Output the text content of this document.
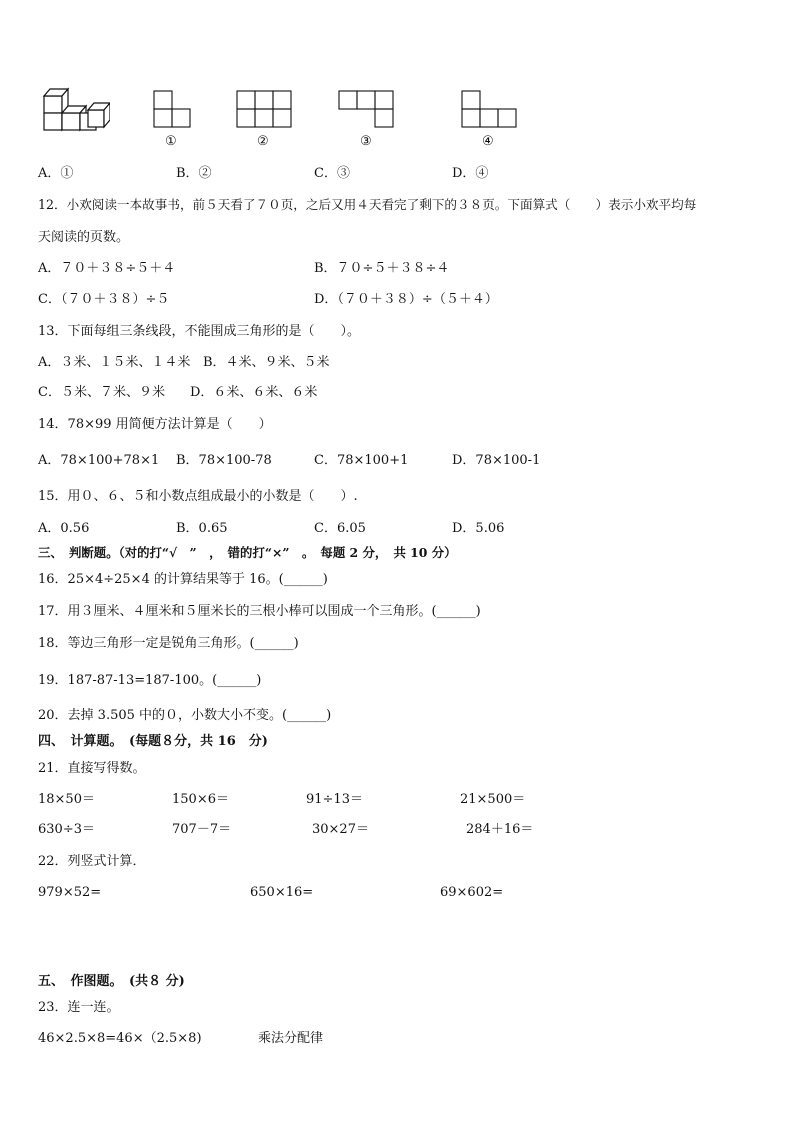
①	②	③	④
A．①	B．②	C．③	D．④
12．小欢阅读一本故事书，前５天看了７０页，之后又用４天看完了剩下的３８页。下面算式（　　）表示小欢平均每
天阅读的页数。
A．７０＋３８÷５＋４	B．７０÷５＋３８÷４
C．（７０＋３８）÷５	D．（７０＋３８）÷（５＋４）
13．下面每组三条线段，不能围成三角形的是（　　）。
A．３米、１５米、１４米 B．４米、９米、５米
C．５米、７米、９米 D．６米、６米、６米
14．78×99 用简便方法计算是（　　）
A．78×100+78×1 B．78×100-78	C．78×100+1	D．78×100-1
15．用０、６、５和小数点组成最小的小数是（　　）.
A．0.56	B．0.65	C．6.05	D．5.06
三、　判断题。（对的打“√　”　，　错的打“×”　。　每题 2 分，　共 10 分）
16．25×4÷25×4 的计算结果等于 16。(______)
17．用３厘米、４厘米和５厘米长的三根小棒可以围成一个三角形。(______)
18．等边三角形一定是锐角三角形。(______)
19．187-87-13=187-100。(______)
20．去掉 3.505 中的０，小数大小不变。(______)
四、　计算题。　(每题８分，共 16　分)
21．直接写得数。
18×50＝	150×6＝	91÷13＝	21×500＝
630÷3＝	707－7＝	30×27＝	284＋16＝
22．列竖式计算．
979×52=	650×16=	69×602=
五、　作图题。　(共８ 分)
23．连一连。
46×2.5×8=46×（2.5×8)	乘法分配律
